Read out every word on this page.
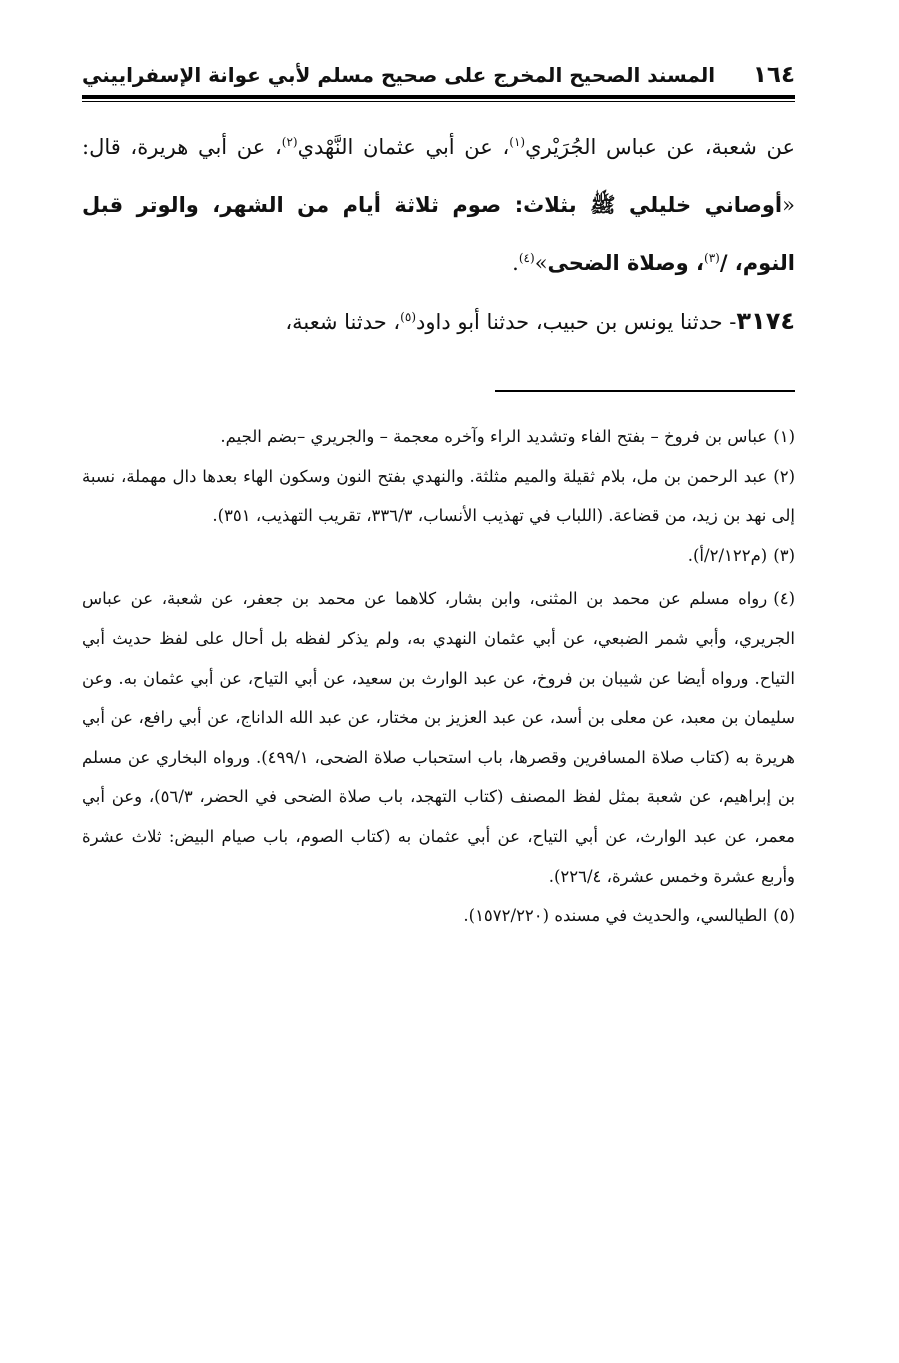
١٦٤
المسند الصحيح المخرج على صحيح مسلم لأبي عوانة الإسفراييني

عن شعبة، عن عباس الجُرَيْري$^{(١)}$، عن أبي عثمان النَّهْدي$^{(٢)}$، عن أبي هريرة، قال: «أوصاني خليلي ﷺ بثلاث: صوم ثلاثة أيام من الشهر، والوتر قبل النوم، /$^{(٣)}$، وصلاة الضحى»$^{(٤)}$.

٣١٧٤- حدثنا يونس بن حبيب، حدثنا أبو داود$^{(٥)}$، حدثنا شعبة،

(١)عباس بن فروخ – بفتح الفاء وتشديد الراء وآخره معجمة – والجريري –بضم الجيم.

(٢)عبد الرحمن بن مل، بلام ثقيلة والميم مثلثة. والنهدي بفتح النون وسكون الهاء بعدها دال مهملة، نسبة إلى نهد بن زيد، من قضاعة. (اللباب في تهذيب الأنساب، ٣٣٦/٣، تقريب التهذيب، ٣٥١).

(٣)(م٢/١٢٢/أ).

(٤)رواه مسلم عن محمد بن المثنى، وابن بشار، كلاهما عن محمد بن جعفر، عن شعبة، عن عباس الجريري، وأبي شمر الضبعي، عن أبي عثمان النهدي به، ولم يذكر لفظه بل أحال على لفظ حديث أبي التياح. ورواه أيضا عن شيبان بن فروخ، عن عبد الوارث بن سعيد، عن أبي التياح، عن أبي عثمان به. وعن سليمان بن معبد، عن معلى بن أسد، عن عبد العزيز بن مختار، عن عبد الله الداناج، عن أبي رافع، عن أبي هريرة به (كتاب صلاة المسافرين وقصرها، باب استحباب صلاة الضحى، ٤٩٩/١). ورواه البخاري عن مسلم بن إبراهيم، عن شعبة بمثل لفظ المصنف (كتاب التهجد، باب صلاة الضحى في الحضر، ٥٦/٣)، وعن أبي معمر، عن عبد الوارث، عن أبي التياح، عن أبي عثمان به (كتاب الصوم، باب صيام البيض: ثلاث عشرة وأربع عشرة وخمس عشرة، ٢٢٦/٤).

(٥)الطيالسي، والحديث في مسنده (١٥٧٢/٢٢٠).
